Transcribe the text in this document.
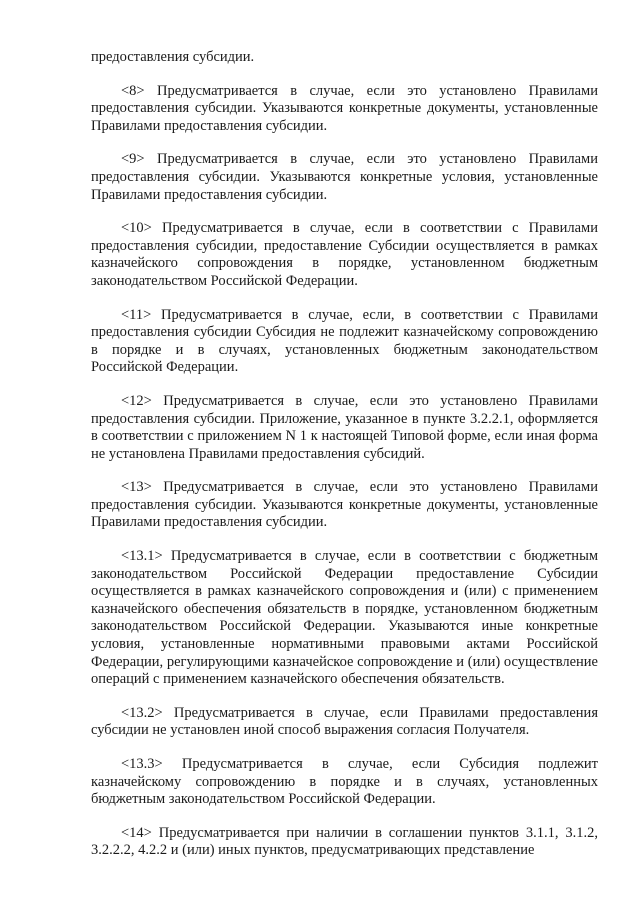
предоставления субсидии.

<8> Предусматривается в случае, если это установлено Правилами предоставления субсидии. Указываются конкретные документы, установленные Правилами предоставления субсидии.

<9> Предусматривается в случае, если это установлено Правилами предоставления субсидии. Указываются конкретные условия, установленные Правилами предоставления субсидии.

<10> Предусматривается в случае, если в соответствии с Правилами предоставления субсидии, предоставление Субсидии осуществляется в рамках казначейского сопровождения в порядке, установленном бюджетным законодательством Российской Федерации.

<11> Предусматривается в случае, если, в соответствии с Правилами предоставления субсидии Субсидия не подлежит казначейскому сопровождению в порядке и в случаях, установленных бюджетным законодательством Российской Федерации.

<12> Предусматривается в случае, если это установлено Правилами предоставления субсидии. Приложение, указанное в пункте 3.2.2.1, оформляется в соответствии с приложением N 1 к настоящей Типовой форме, если иная форма не установлена Правилами предоставления субсидий.

<13> Предусматривается в случае, если это установлено Правилами предоставления субсидии. Указываются конкретные документы, установленные Правилами предоставления субсидии.

<13.1> Предусматривается в случае, если в соответствии с бюджетным законодательством Российской Федерации предоставление Субсидии осуществляется в рамках казначейского сопровождения и (или) с применением казначейского обеспечения обязательств в порядке, установленном бюджетным законодательством Российской Федерации. Указываются иные конкретные условия, установленные нормативными правовыми актами Российской Федерации, регулирующими казначейское сопровождение и (или) осуществление операций с применением казначейского обеспечения обязательств.

<13.2> Предусматривается в случае, если Правилами предоставления субсидии не установлен иной способ выражения согласия Получателя.

<13.3> Предусматривается в случае, если Субсидия подлежит казначейскому сопровождению в порядке и в случаях, установленных бюджетным законодательством Российской Федерации.

<14> Предусматривается при наличии в соглашении пунктов 3.1.1, 3.1.2, 3.2.2.2, 4.2.2 и (или) иных пунктов, предусматривающих представление
